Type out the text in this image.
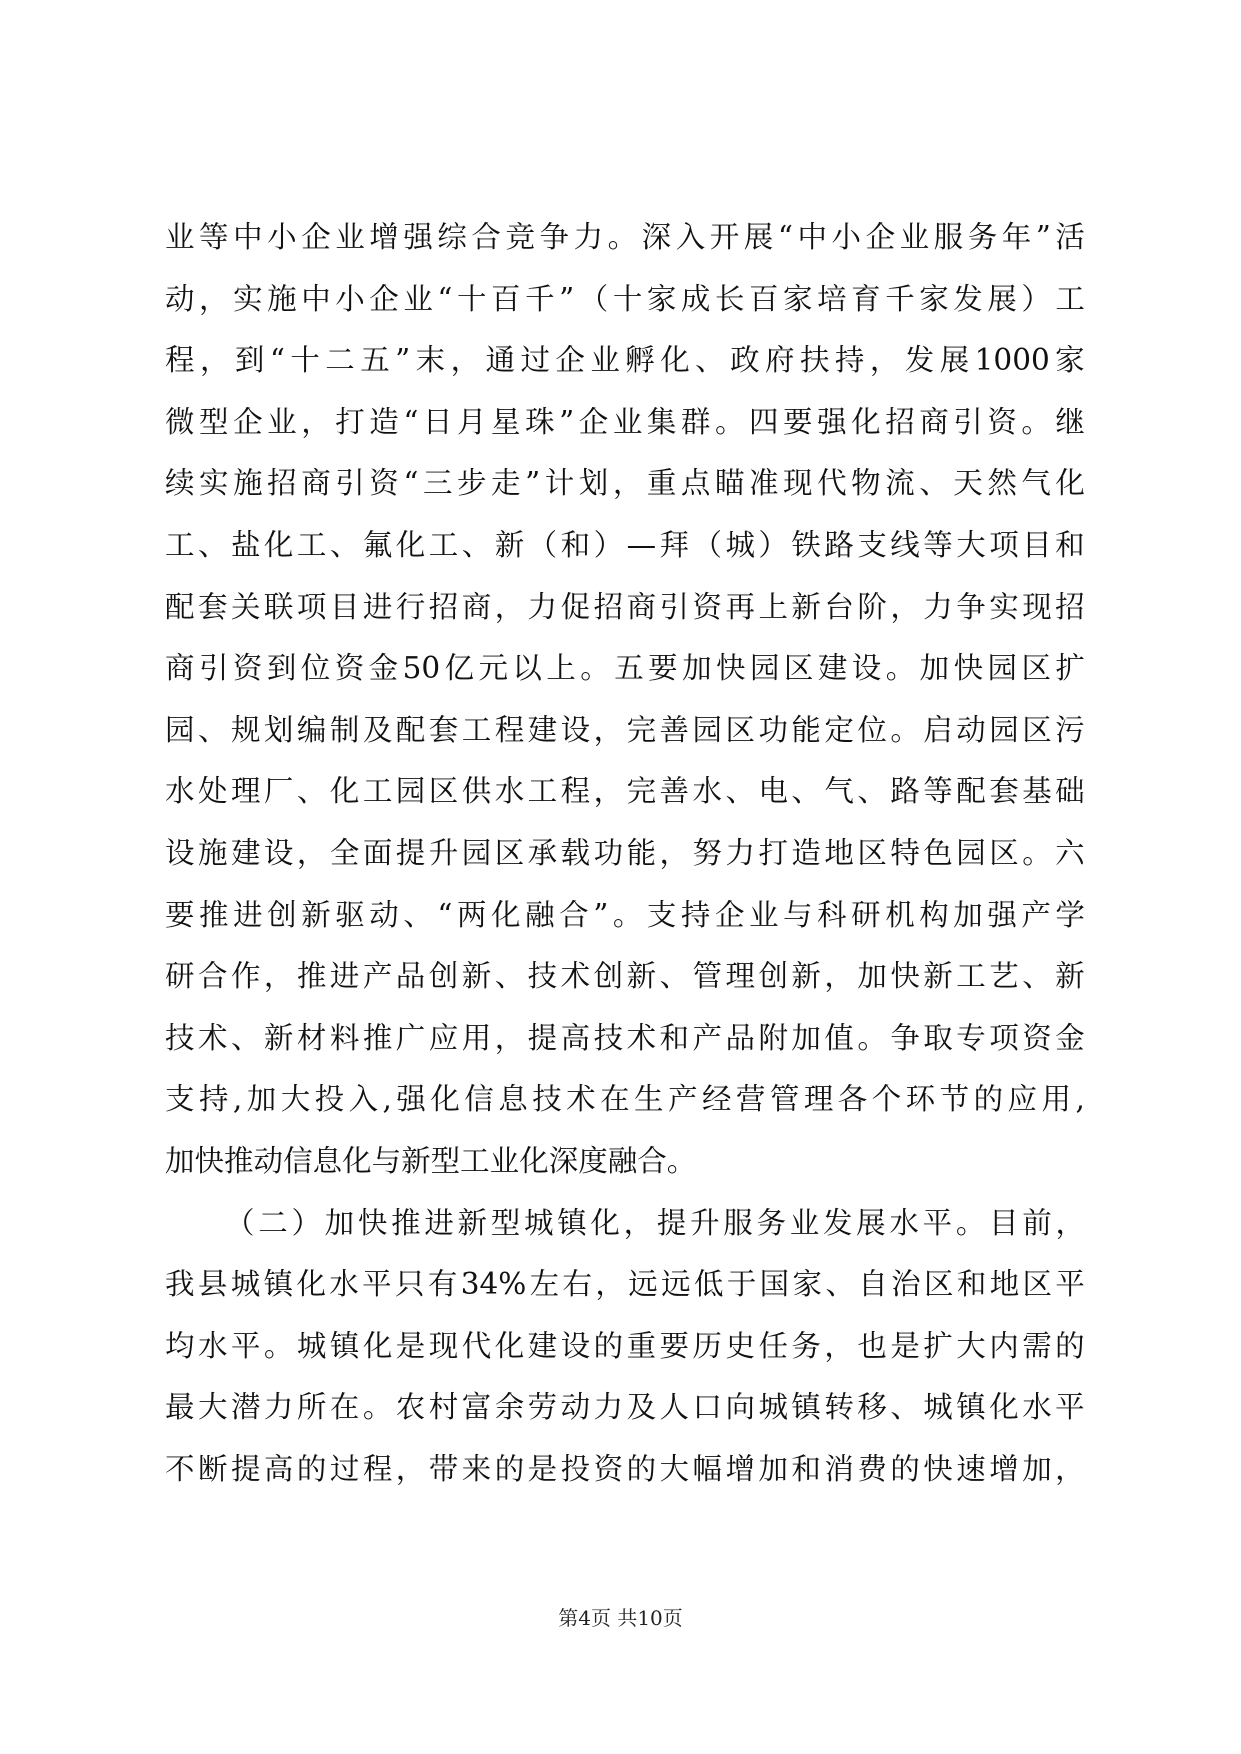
业 等 中 小 企 业 增 强 综 合 竞 争 力 。 深 入 开 展 “ 中 小 企 业 服 务 年 ” 活
动 ， 实 施 中 小 企 业 “ 十 百 千 ” （ 十 家 成 长 百 家 培 育 千 家 发 展 ） 工
程 ， 到 “ 十 二 五 ” 末 ， 通 过 企 业 孵 化 、 政 府 扶 持 ， 发 展 1000 家
微 型 企 业 ， 打 造 “ 日 月 星 珠 ” 企 业 集 群 。 四 要 强 化 招 商 引 资 。 继
续 实 施 招 商 引 资 “ 三 步 走 ” 计 划 ， 重 点 瞄 准 现 代 物 流 、 天 然 气 化
工 、 盐 化 工 、 氟 化 工 、 新 （ 和 ） — 拜 （ 城 ） 铁 路 支 线 等 大 项 目 和
配 套 关 联 项 目 进 行 招 商 ， 力 促 招 商 引 资 再 上 新 台 阶 ， 力 争 实 现 招
商 引 资 到 位 资 金 50 亿 元 以 上 。 五 要 加 快 园 区 建 设 。 加 快 园 区 扩
园 、 规 划 编 制 及 配 套 工 程 建 设 ， 完 善 园 区 功 能 定 位 。 启 动 园 区 污
水 处 理 厂 、 化 工 园 区 供 水 工 程 ， 完 善 水 、 电 、 气 、 路 等 配 套 基 础
设 施 建 设 ， 全 面 提 升 园 区 承 载 功 能 ， 努 力 打 造 地 区 特 色 园 区 。 六
要 推 进 创 新 驱 动 、 “ 两 化 融 合 ” 。 支 持 企 业 与 科 研 机 构 加 强 产 学
研 合 作 ， 推 进 产 品 创 新 、 技 术 创 新 、 管 理 创 新 ， 加 快 新 工 艺 、 新
技 术 、 新 材 料 推 广 应 用 ， 提 高 技 术 和 产 品 附 加 值 。 争 取 专 项 资 金
支 持 , 加 大 投 入 , 强 化 信 息 技 术 在 生 产 经 营 管 理 各 个 环 节 的 应 用 ,
加 快 推 动 信 息 化 与 新 型 工 业 化 深 度 融 合 。
（ 二 ） 加 快 推 进 新 型 城 镇 化 ， 提 升 服 务 业 发 展 水 平 。 目 前 ，
我 县 城 镇 化 水 平 只 有 34% 左 右 ， 远 远 低 于 国 家 、 自 治 区 和 地 区 平
均 水 平 。 城 镇 化 是 现 代 化 建 设 的 重 要 历 史 任 务 ， 也 是 扩 大 内 需 的
最 大 潜 力 所 在 。 农 村 富 余 劳 动 力 及 人 口 向 城 镇 转 移 、 城 镇 化 水 平
不 断 提 高 的 过 程 ， 带 来 的 是 投 资 的 大 幅 增 加 和 消 费 的 快 速 增 加 ，
第4页 共10页
